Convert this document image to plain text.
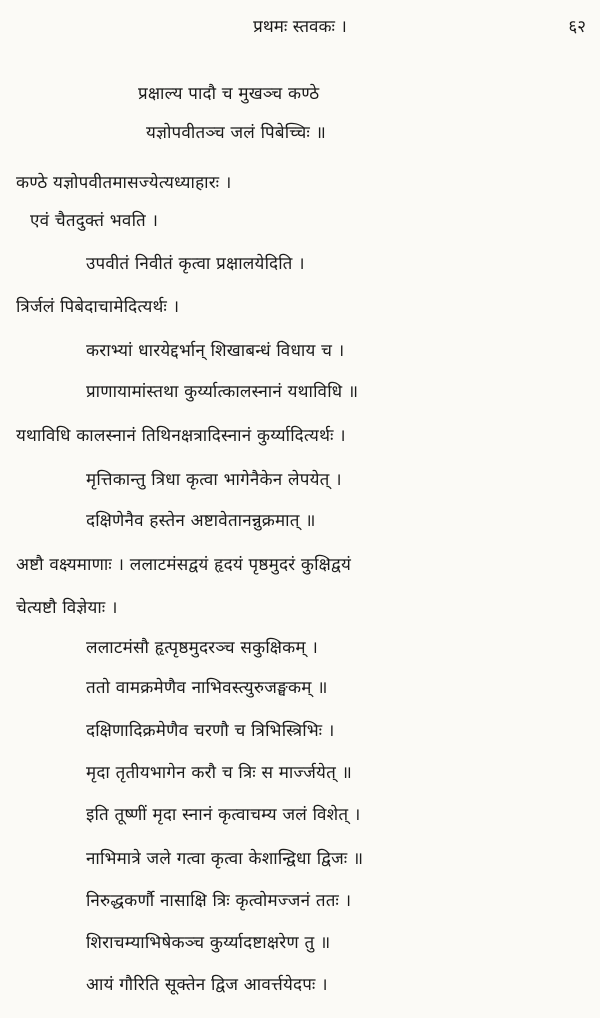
प्रथमः स्तवकः ।	६२
प्रक्षाल्य पादौ च मुखञ्च कण्ठे
यज्ञोपवीतञ्च जलं पिबेच्चिः ॥
कण्ठे यज्ञोपवीतमासज्येत्यध्याहारः ।
एवं चैतदुक्तं भवति ।
उपवीतं निवीतं कृत्वा प्रक्षालयेदिति ।
त्रिर्जलं पिबेदाचामेदित्यर्थः ।
कराभ्यां धारयेद्दर्भान् शिखाबन्धं विधाय च ।
प्राणायामांस्तथा कुर्य्यात्कालस्नानं यथाविधि ॥
यथाविधि कालस्नानं तिथिनक्षत्रादिस्नानं कुर्य्यादित्यर्थः ।
मृत्तिकान्तु त्रिधा कृत्वा भागेनैकेन लेपयेत् ।
दक्षिणेनैव हस्तेन अष्टावेतानन्नुक्रमात् ॥
अष्टौ वक्ष्यमाणाः । ललाटमंसद्वयं हृदयं पृष्ठमुदरं कुक्षिद्वयं
चेत्यष्टौ विज्ञेयाः ।
ललाटमंसौ हृत्पृष्ठमुदरञ्च सकुक्षिकम् ।
ततो वामक्रमेणैव नाभिवस्त्युरुजङ्घकम् ॥
दक्षिणादिक्रमेणैव चरणौ च त्रिभिस्त्रिभिः ।
मृदा तृतीयभागेन करौ च त्रिः स मार्ज्जयेत् ॥
इति तूष्णीं मृदा स्नानं कृत्वाचम्य जलं विशेत् ।
नाभिमात्रे जले गत्वा कृत्वा केशान्द्विधा द्विजः ॥
निरुद्धकर्णौ नासाक्षि त्रिः कृत्वोमज्जनं ततः ।
शिराचम्याभिषेकञ्च कुर्य्यादष्टाक्षरेण तु ॥
आयं गौरिति सूक्तेन द्विज आवर्त्तयेदपः ।
